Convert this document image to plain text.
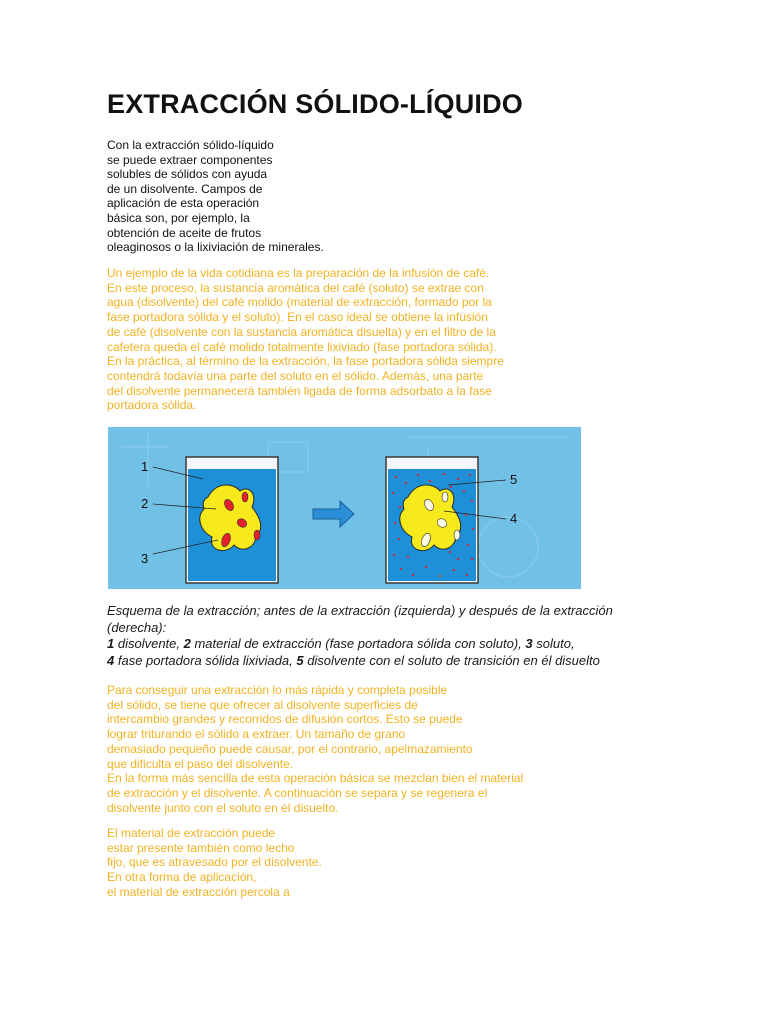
EXTRACCIÓN SÓLIDO-LÍQUIDO
Con la extracción sólido-líquido
se puede extraer componentes
solubles de sólidos con ayuda
de un disolvente. Campos de
aplicación de esta operación
básica son, por ejemplo, la
obtención de aceite de frutos
oleaginosos o la lixiviación de minerales.
Un ejemplo de la vida cotidiana es la preparación de la infusión de café.
En este proceso, la sustancia aromática del café (soluto) se extrae con
agua (disolvente) del café molido (material de extracción, formado por la
fase portadora sólida y el soluto). En el caso ideal se obtiene la infusión
de café (disolvente con la sustancia aromática disuelta) y en el filtro de la
cafetera queda el café molido totalmente lixiviado (fase portadora sólida).
En la práctica, al término de la extracción, la fase portadora sólida siempre
contendrá todavía una parte del soluto en el sólido. Además, una parte
del disolvente permanecerá también ligada de forma adsorbato a la fase
portadora sólida.
1
2
3
5
4
Esquema de la extracción; antes de la extracción (izquierda) y después de la extracción
(derecha):
1 disolvente, 2 material de extracción (fase portadora sólida con soluto), 3 soluto,
4 fase portadora sólida lixiviada, 5 disolvente con el soluto de transición en él disuelto
Para conseguir una extracción lo más rápida y completa posible
del sólido, se tiene que ofrecer al disolvente superficies de
intercambio grandes y recorridos de difusión cortos. Esto se puede
lograr triturando el sólido a extraer. Un tamaño de grano
demasiado pequeño puede causar, por el contrario, apelmazamiento
que dificulta el paso del disolvente.
En la forma más sencilla de esta operación básica se mezclan bien el material
de extracción y el disolvente. A continuación se separa y se regenera el
disolvente junto con el soluto en él disuelto.
El material de extracción puede
estar presente también como lecho
fijo, que es atravesado por el disolvente.
En otra forma de aplicación,
el material de extracción percola a
